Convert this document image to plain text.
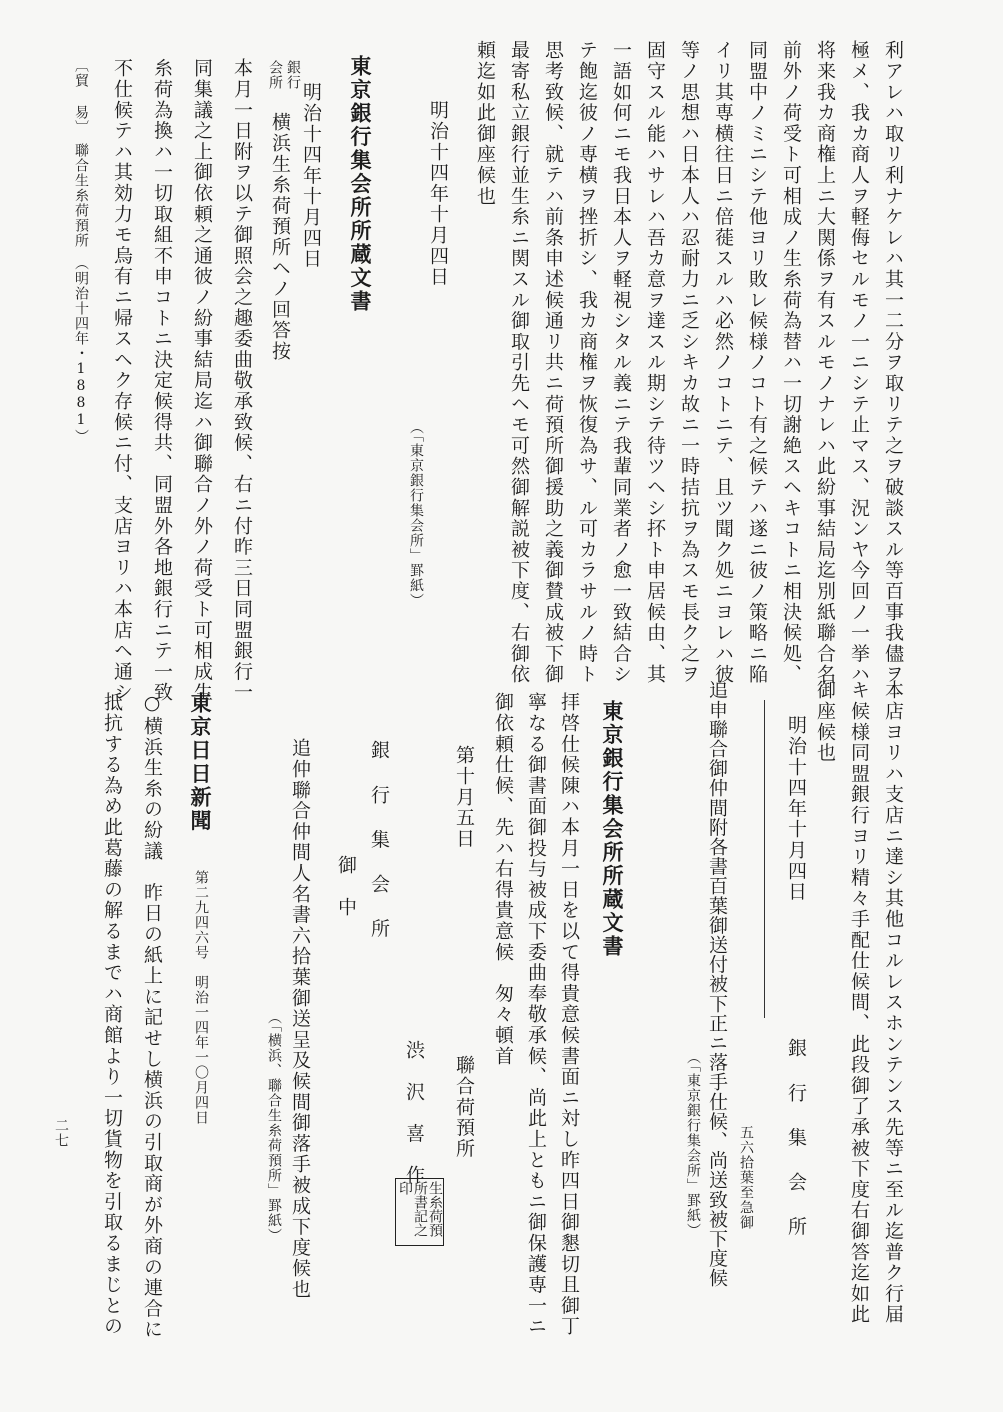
利アレハ取リ利ナケレハ其一二分ヲ取リテ之ヲ破談スル等百事我儘ヲ
極メ、我カ商人ヲ軽侮セルモノ一ニシテ止マス、況ンヤ今回ノ一挙ハ
将来我カ商権上ニ大関係ヲ有スルモノナレハ此紛事結局迄別紙聯合名
前外ノ荷受ト可相成ノ生糸荷為替ハ一切謝絶スヘキコトニ相決候処、
同盟中ノミニシテ他ヨリ敗レ候様ノコト有之候テハ遂ニ彼ノ策略ニ陥
イリ其専横往日ニ倍蓰スルハ必然ノコトニテ、且ツ聞ク処ニヨレハ彼
等ノ思想ハ日本人ハ忍耐力ニ乏シキカ故ニ一時拮抗ヲ為スモ長ク之ヲ
固守スル能ハサレハ吾カ意ヲ達スル期シテ待ツヘシ抔ト申居候由、其
一語如何ニモ我日本人ヲ軽視シタル義ニテ我輩同業者ノ愈一致結合シ
テ飽迄彼ノ専横ヲ挫折シ、我カ商権ヲ恢復為サ、ル可カラサルノ時ト
思考致候、就テハ前条申述候通リ共ニ荷預所御援助之義御賛成被下御
最寄私立銀行並生糸ニ関スル御取引先ヘモ可然御解説被下度、右御依
頼迄如此御座候也
明治十四年十月四日
（「東京銀行集会所」罫紙）
東京銀行集会所所蔵文書
明治十四年十月四日
銀行
会所
横浜生糸荷預所ヘノ回答按
本月一日附ヲ以テ御照会之趣委曲敬承致候、右ニ付昨三日同盟銀行一
同集議之上御依頼之通彼ノ紛事結局迄ハ御聯合ノ外ノ荷受ト可相成生
糸荷為換ハ一切取組不申コトニ決定候得共、同盟外各地銀行ニテ一致
不仕候テハ其効力モ烏有ニ帰スヘク存候ニ付、支店ヨリハ本店ヘ通シ
〔貿 易〕　聯合生糸荷預所　（明治十四年・1881）
本店ヨリハ支店ニ達シ其他コルレスホンテンス先等ニ至ル迄普ク行届
キ候様同盟銀行ヨリ精々手配仕候間、此段御了承被下度右御答迄如此
御座候也
明治十四年十月四日
銀 行 集 会 所
追申聯合御仲間附各書百葉御送付被下正ニ落手仕候、尚送致被下度候 五六拾葉至急御
（「東京銀行集会所」罫紙）
東京銀行集会所所蔵文書
拝啓仕候陳ハ本月一日を以て得貴意候書面ニ対し昨四日御懇切且御丁
寧なる御書面御投与被成下委曲奉敬承候、尚此上ともニ御保護専一ニ
御依頼仕候、先ハ右得貴意候　匆々頓首
第十月五日
聯合荷預所
渋　沢　喜　作
生糸荷預所書記之印
銀 行 集 会 所
御　中
追仲聯合仲間人名書六拾葉御送呈及候間御落手被成下度候也
（「横浜、聯合生糸荷預所」罫紙）
東京日日新聞
第二九四六号　明治一四年一〇月四日
○横浜生糸の紛議　昨日の紙上に記せし横浜の引取商が外商の連合に
抵抗する為め此葛藤の解るまでハ商館より一切貨物を引取るまじとの
二七
